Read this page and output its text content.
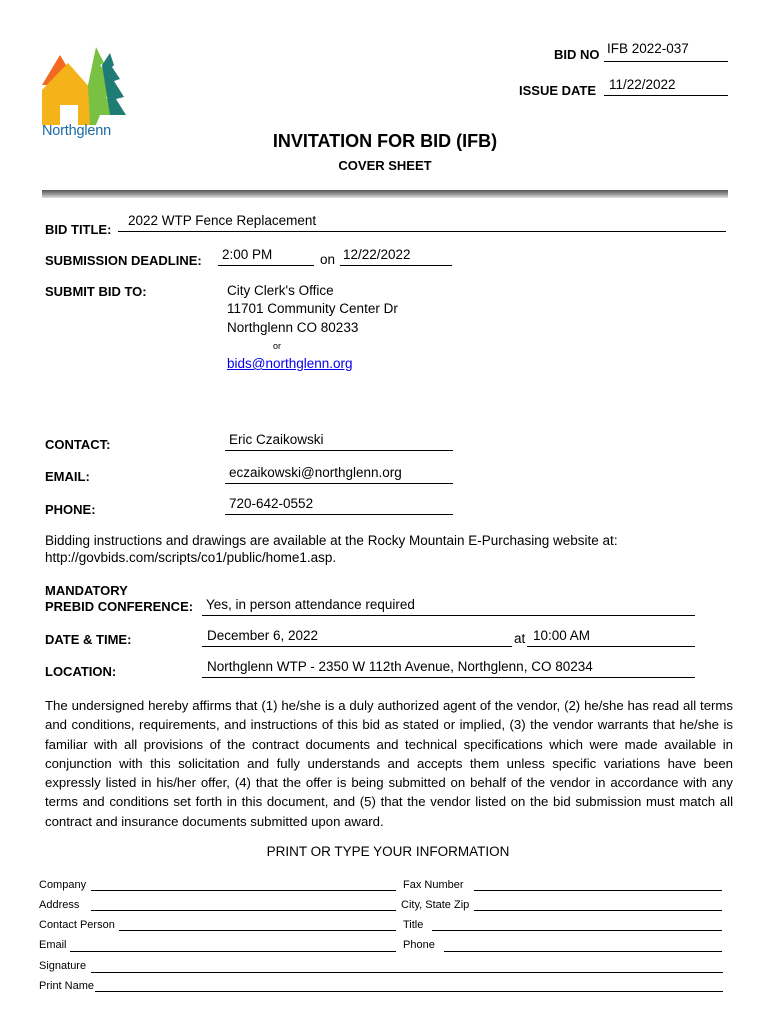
Northglenn
BID NO IFB 2022-037
ISSUE DATE 11/22/2022
INVITATION FOR BID (IFB)
COVER SHEET
BID TITLE:
2022 WTP Fence Replacement
SUBMISSION DEADLINE: 2:00 PM	on 12/22/2022
SUBMIT BID TO:	City Clerk's Office
11701 Community Center Dr
Northglenn CO 80233
or
bids@northglenn.org
CONTACT:	Eric Czaikowski
EMAIL:	eczaikowski@northglenn.org
PHONE:	720-642-0552
Bidding instructions and drawings are available at the Rocky Mountain E-Purchasing website at:
http://govbids.com/scripts/co1/public/home1.asp.
MANDATORY
PREBID CONFERENCE: Yes, in person attendance required
DATE & TIME:	December 6, 2022	at 10:00 AM
LOCATION:	Northglenn WTP - 2350 W 112th Avenue, Northglenn, CO 80234
The undersigned hereby affirms that (1) he/she is a duly authorized agent of the vendor, (2) he/she has read all terms and conditions, requirements, and instructions of this bid as stated or implied, (3) the vendor warrants that he/she is familiar with all provisions of the contract documents and technical specifications which were made available in conjunction with this solicitation and fully understands and accepts them unless specific variations have been expressly listed in his/her offer, (4) that the offer is being submitted on behalf of the vendor in accordance with any terms and conditions set forth in this document, and (5) that the vendor listed on the bid submission must match all contract and insurance documents submitted upon award.
PRINT OR TYPE YOUR INFORMATION
Company	Fax Number
Address	City, State Zip
Contact Person	Title
Email	Phone
Signature
Print Name
